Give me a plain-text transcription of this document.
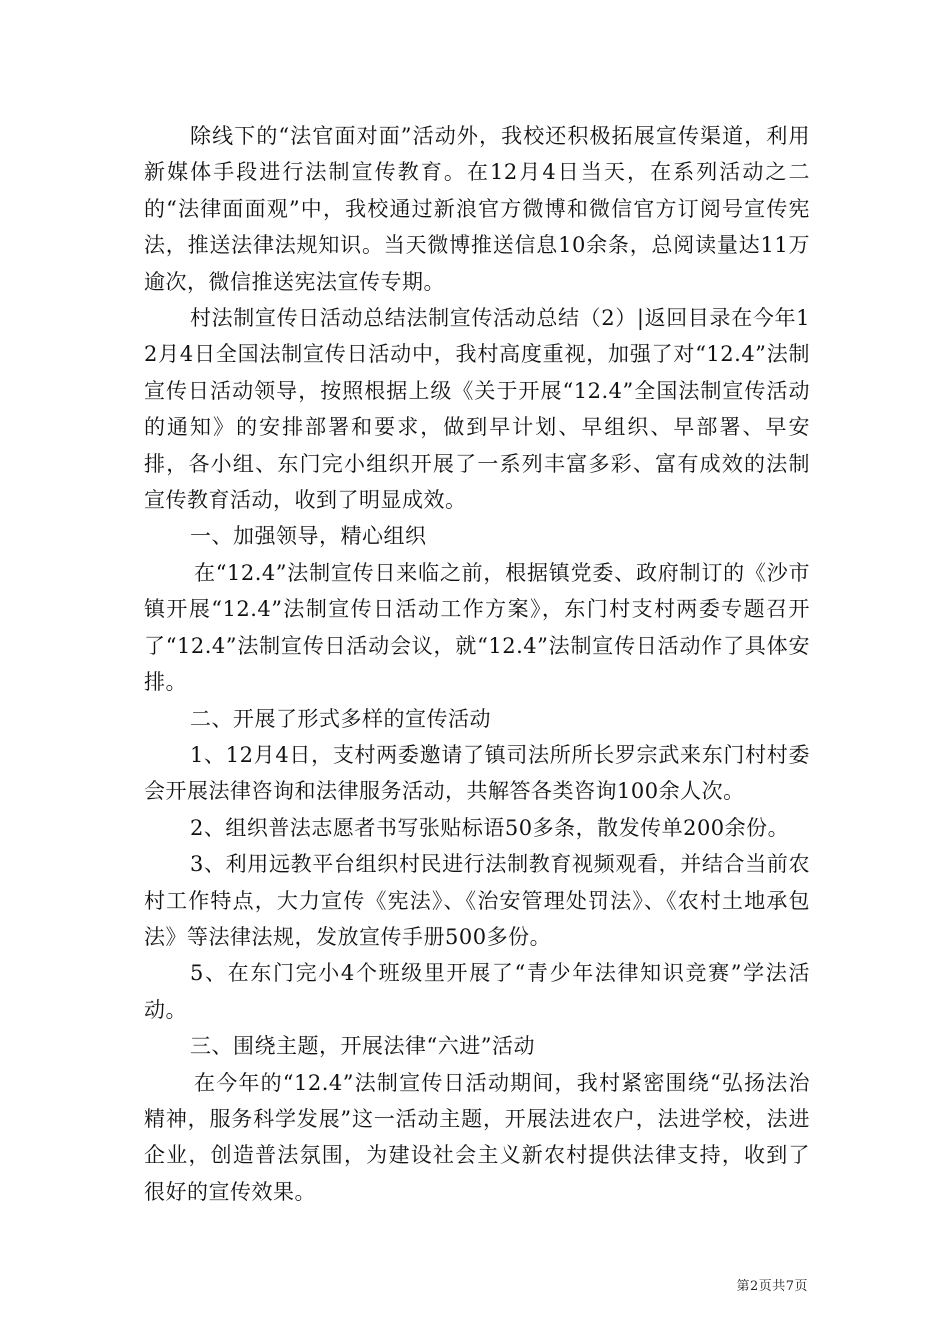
除线下的“法官面对面”活动外，我校还积极拓展宣传渠道，利用新媒体手段进行法制宣传教育。在12月4日当天，在系列活动之二的“法律面面观”中，我校通过新浪官方微博和微信官方订阅号宣传宪法，推送法律法规知识。当天微博推送信息10余条，总阅读量达11万逾次，微信推送宪法宣传专期。

村法制宣传日活动总结法制宣传活动总结（2）|返回目录在今年12月4日全国法制宣传日活动中，我村高度重视，加强了对“12.4”法制宣传日活动领导，按照根据上级《关于开展“12.4”全国法制宣传活动的通知》的安排部署和要求，做到早计划、早组织、早部署、早安排，各小组、东门完小组织开展了一系列丰富多彩、富有成效的法制宣传教育活动，收到了明显成效。

一、加强领导，精心组织

在“12.4”法制宣传日来临之前，根据镇党委、政府制订的《沙市镇开展“12.4”法制宣传日活动工作方案》，东门村支村两委专题召开了“12.4”法制宣传日活动会议，就“12.4”法制宣传日活动作了具体安排。

二、开展了形式多样的宣传活动

1、12月4日，支村两委邀请了镇司法所所长罗宗武来东门村村委会开展法律咨询和法律服务活动，共解答各类咨询100余人次。

2、组织普法志愿者书写张贴标语50多条，散发传单200余份。

3、利用远教平台组织村民进行法制教育视频观看，并结合当前农村工作特点，大力宣传《宪法》、《治安管理处罚法》、《农村土地承包法》等法律法规，发放宣传手册500多份。

5、在东门完小4个班级里开展了“青少年法律知识竞赛”学法活动。

三、围绕主题，开展法律“六进”活动

在今年的“12.4”法制宣传日活动期间，我村紧密围绕“弘扬法治精神，服务科学发展”这一活动主题，开展法进农户，法进学校，法进企业，创造普法氛围，为建设社会主义新农村提供法律支持，收到了很好的宣传效果。

第2页共7页
